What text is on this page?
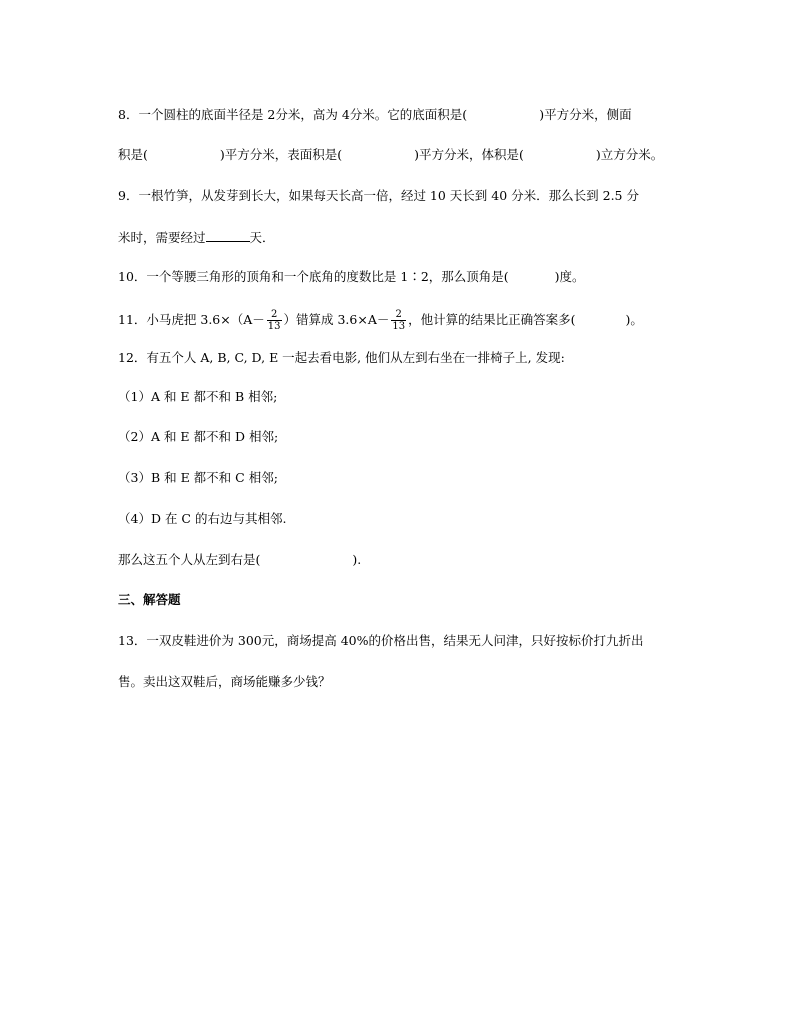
8．一个圆柱的底面半径是 2分米，高为 4分米。它的底面积是(	)平方分米，侧面
积是(	)平方分米，表面积是(	)平方分米，体积是(	)立方分米。
9．一根竹笋，从发芽到长大，如果每天长高一倍，经过 10 天长到 40 分米．那么长到 2.5 分
米时，需要经过	天．
10．一个等腰三角形的顶角和一个底角的度数比是 1∶2，那么顶角是(	)度。
11．小马虎把 $3.6\times(A- \frac{2}{13}$ ）错算成 $3.6\times A- \frac{2}{13}$ ，他计算的结果比正确答案多(	)。
12．有五个人 A, B, C, D, E 一起去看电影, 他们从左到右坐在一排椅子上, 发现:
（1）A 和 E 都不和 B 相邻;
（2）A 和 E 都不和 D 相邻;
（3）B 和 E 都不和 C 相邻;
（4）D 在 C 的右边与其相邻.
那么这五个人从左到右是(	).
三、解答题
13．一双皮鞋进价为 300元，商场提高 40%的价格出售，结果无人问津，只好按标价打九折出
售。卖出这双鞋后，商场能赚多少钱？
